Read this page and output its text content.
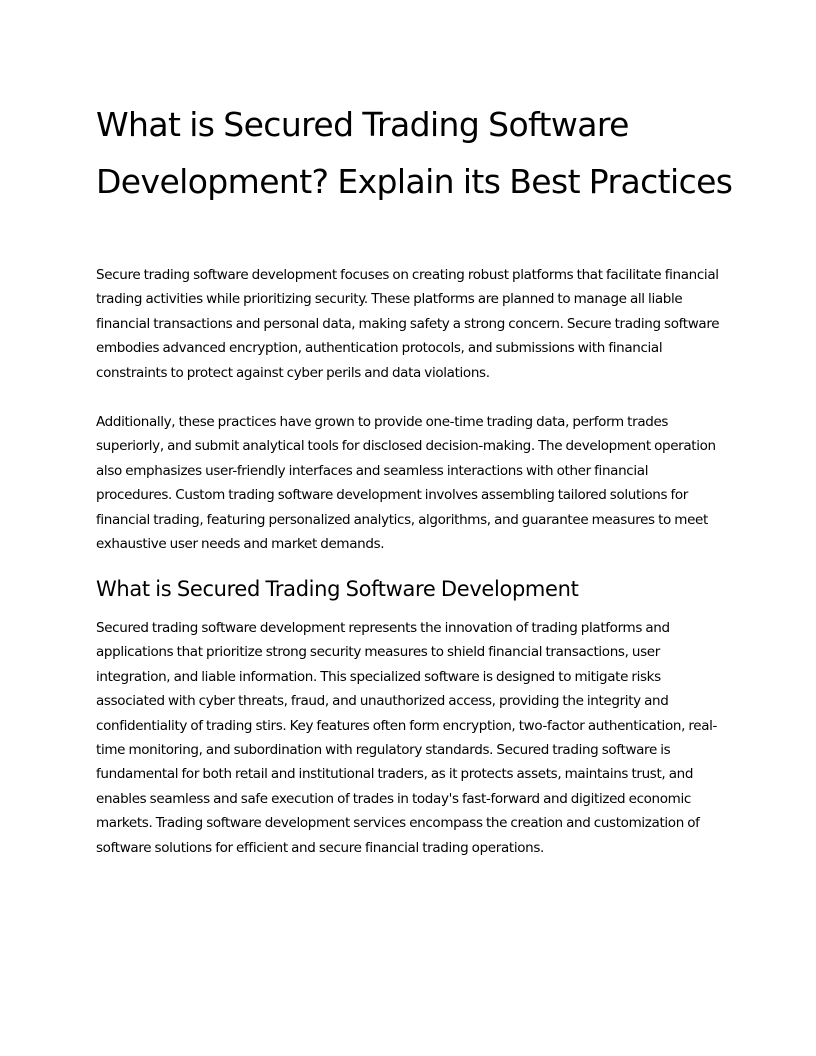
What is Secured Trading Software Development? Explain its Best Practices

Secure trading software development focuses on creating robust platforms that facilitate financial trading activities while prioritizing security. These platforms are planned to manage all liable financial transactions and personal data, making safety a strong concern. Secure trading software embodies advanced encryption, authentication protocols, and submissions with financial constraints to protect against cyber perils and data violations.

Additionally, these practices have grown to provide one-time trading data, perform trades superiorly, and submit analytical tools for disclosed decision-making. The development operation also emphasizes user-friendly interfaces and seamless interactions with other financial procedures. Custom trading software development involves assembling tailored solutions for financial trading, featuring personalized analytics, algorithms, and guarantee measures to meet exhaustive user needs and market demands.

What is Secured Trading Software Development

Secured trading software development represents the innovation of trading platforms and applications that prioritize strong security measures to shield financial transactions, user integration, and liable information. This specialized software is designed to mitigate risks associated with cyber threats, fraud, and unauthorized access, providing the integrity and confidentiality of trading stirs. Key features often form encryption, two-factor authentication, real-time monitoring, and subordination with regulatory standards. Secured trading software is fundamental for both retail and institutional traders, as it protects assets, maintains trust, and enables seamless and safe execution of trades in today's fast-forward and digitized economic markets. Trading software development services encompass the creation and customization of software solutions for efficient and secure financial trading operations.
